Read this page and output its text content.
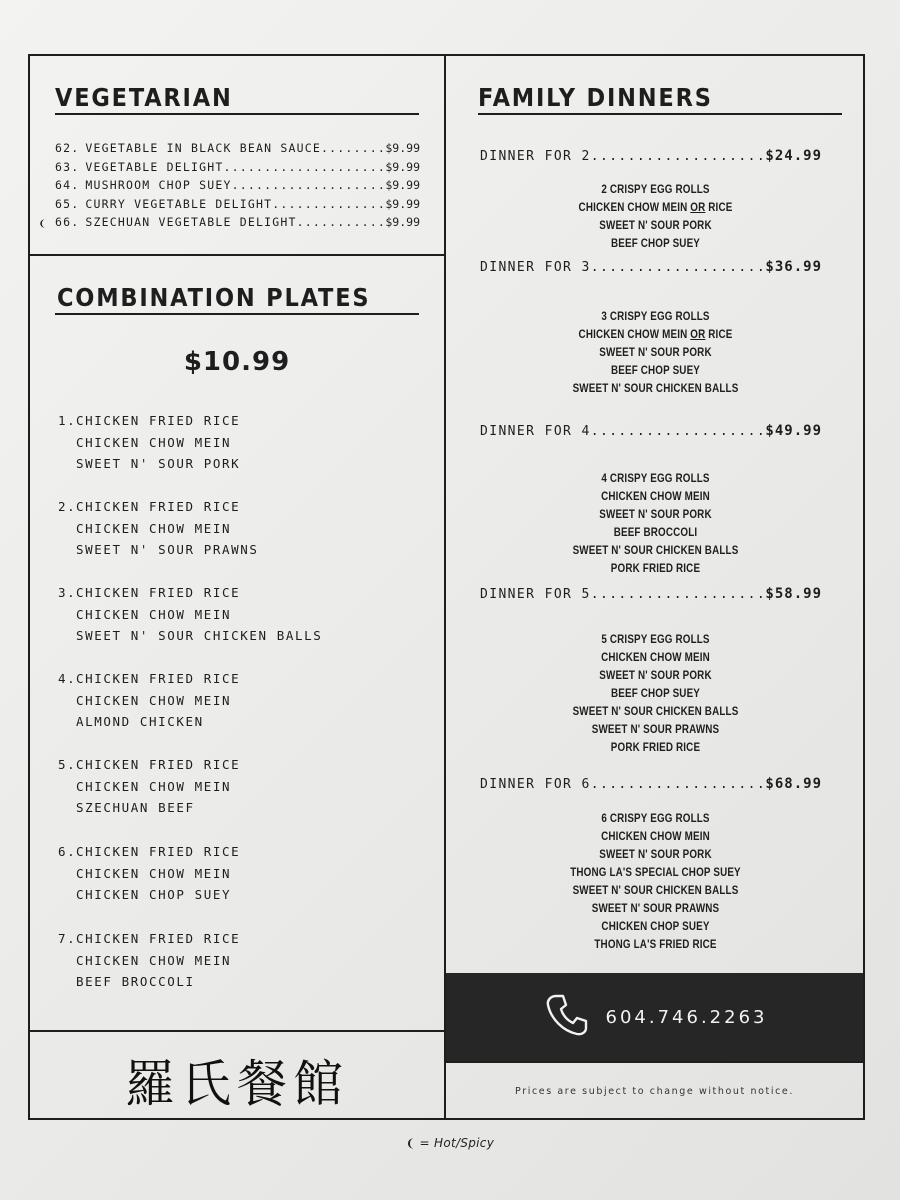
VEGETARIAN
62. VEGETABLE IN BLACK BEAN SAUCE .....	$9.99
63. VEGETABLE DELIGHT .....	$9.99
64. MUSHROOM CHOP SUEY .....	$9.99
65. CURRY VEGETABLE DELIGHT .....	$9.99
❨ 66. SZECHUAN VEGETABLE DELIGHT .....	$9.99
COMBINATION PLATES
$10.99
1. CHICKEN FRIED RICE
CHICKEN CHOW MEIN
SWEET N' SOUR PORK
2. CHICKEN FRIED RICE
CHICKEN CHOW MEIN
SWEET N' SOUR PRAWNS
3. CHICKEN FRIED RICE
CHICKEN CHOW MEIN
SWEET N' SOUR CHICKEN BALLS
4. CHICKEN FRIED RICE
CHICKEN CHOW MEIN
ALMOND CHICKEN
5. CHICKEN FRIED RICE
CHICKEN CHOW MEIN
SZECHUAN BEEF
6. CHICKEN FRIED RICE
CHICKEN CHOW MEIN
CHICKEN CHOP SUEY
7. CHICKEN FRIED RICE
CHICKEN CHOW MEIN
BEEF BROCCOLI
羅氏餐館
FAMILY DINNERS
DINNER FOR 2 .....	$24.99
2 CRISPY EGG ROLLS
CHICKEN CHOW MEIN OR RICE
SWEET N' SOUR PORK
BEEF CHOP SUEY
DINNER FOR 3 .....	$36.99
3 CRISPY EGG ROLLS
CHICKEN CHOW MEIN OR RICE
SWEET N' SOUR PORK
BEEF CHOP SUEY
SWEET N' SOUR CHICKEN BALLS
DINNER FOR 4 .....	$49.99
4 CRISPY EGG ROLLS
CHICKEN CHOW MEIN
SWEET N' SOUR PORK
BEEF BROCCOLI
SWEET N' SOUR CHICKEN BALLS
PORK FRIED RICE
DINNER FOR 5 .....	$58.99
5 CRISPY EGG ROLLS
CHICKEN CHOW MEIN
SWEET N' SOUR PORK
BEEF CHOP SUEY
SWEET N' SOUR CHICKEN BALLS
SWEET N' SOUR PRAWNS
PORK FRIED RICE
DINNER FOR 6 .....	$68.99
6 CRISPY EGG ROLLS
CHICKEN CHOW MEIN
SWEET N' SOUR PORK
THONG LA'S SPECIAL CHOP SUEY
SWEET N' SOUR CHICKEN BALLS
SWEET N' SOUR PRAWNS
CHICKEN CHOP SUEY
THONG LA'S FRIED RICE
604.746.2263
Prices are subject to change without notice.
❨ = Hot/Spicy
